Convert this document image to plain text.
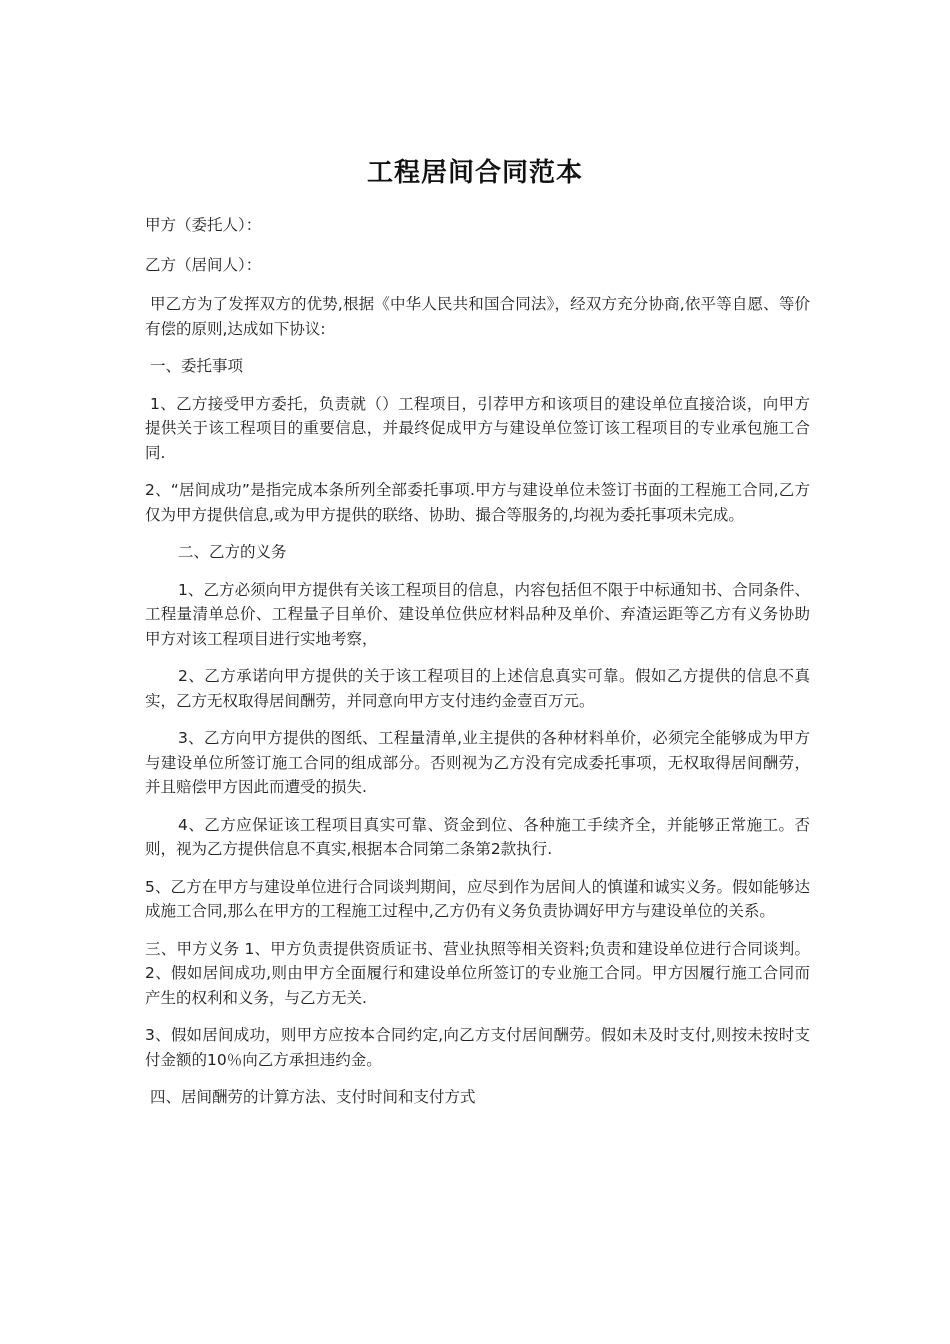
工程居间合同范本

甲方（委托人）：

乙方（居间人）：

甲乙方为了发挥双方的优势,根据《中华人民共和国合同法》，经双方充分协商,依平等自愿、等价有偿的原则,达成如下协议:

一、委托事项

1、乙方接受甲方委托，负责就（）工程项目，引荐甲方和该项目的建设单位直接洽谈，向甲方提供关于该工程项目的重要信息，并最终促成甲方与建设单位签订该工程项目的专业承包施工合同.

2、“居间成功”是指完成本条所列全部委托事项.甲方与建设单位未签订书面的工程施工合同,乙方仅为甲方提供信息,或为甲方提供的联络、协助、撮合等服务的,均视为委托事项未完成。

二、乙方的义务

1、乙方必须向甲方提供有关该工程项目的信息，内容包括但不限于中标通知书、合同条件、工程量清单总价、工程量子目单价、建设单位供应材料品种及单价、弃渣运距等乙方有义务协助甲方对该工程项目进行实地考察，

2、乙方承诺向甲方提供的关于该工程项目的上述信息真实可靠。假如乙方提供的信息不真实，乙方无权取得居间酬劳，并同意向甲方支付违约金壹百万元。

3、乙方向甲方提供的图纸、工程量清单,业主提供的各种材料单价，必须完全能够成为甲方与建设单位所签订施工合同的组成部分。否则视为乙方没有完成委托事项，无权取得居间酬劳，并且赔偿甲方因此而遭受的损失.

4、乙方应保证该工程项目真实可靠、资金到位、各种施工手续齐全，并能够正常施工。否则，视为乙方提供信息不真实,根据本合同第二条第2款执行.

5、乙方在甲方与建设单位进行合同谈判期间，应尽到作为居间人的慎谨和诚实义务。假如能够达成施工合同,那么在甲方的工程施工过程中,乙方仍有义务负责协调好甲方与建设单位的关系。

三、甲方义务 1、甲方负责提供资质证书、营业执照等相关资料;负责和建设单位进行合同谈判。 2、假如居间成功,则由甲方全面履行和建设单位所签订的专业施工合同。甲方因履行施工合同而产生的权利和义务，与乙方无关.

3、假如居间成功，则甲方应按本合同约定,向乙方支付居间酬劳。假如未及时支付,则按未按时支付金额的10％向乙方承担违约金。

四、居间酬劳的计算方法、支付时间和支付方式
